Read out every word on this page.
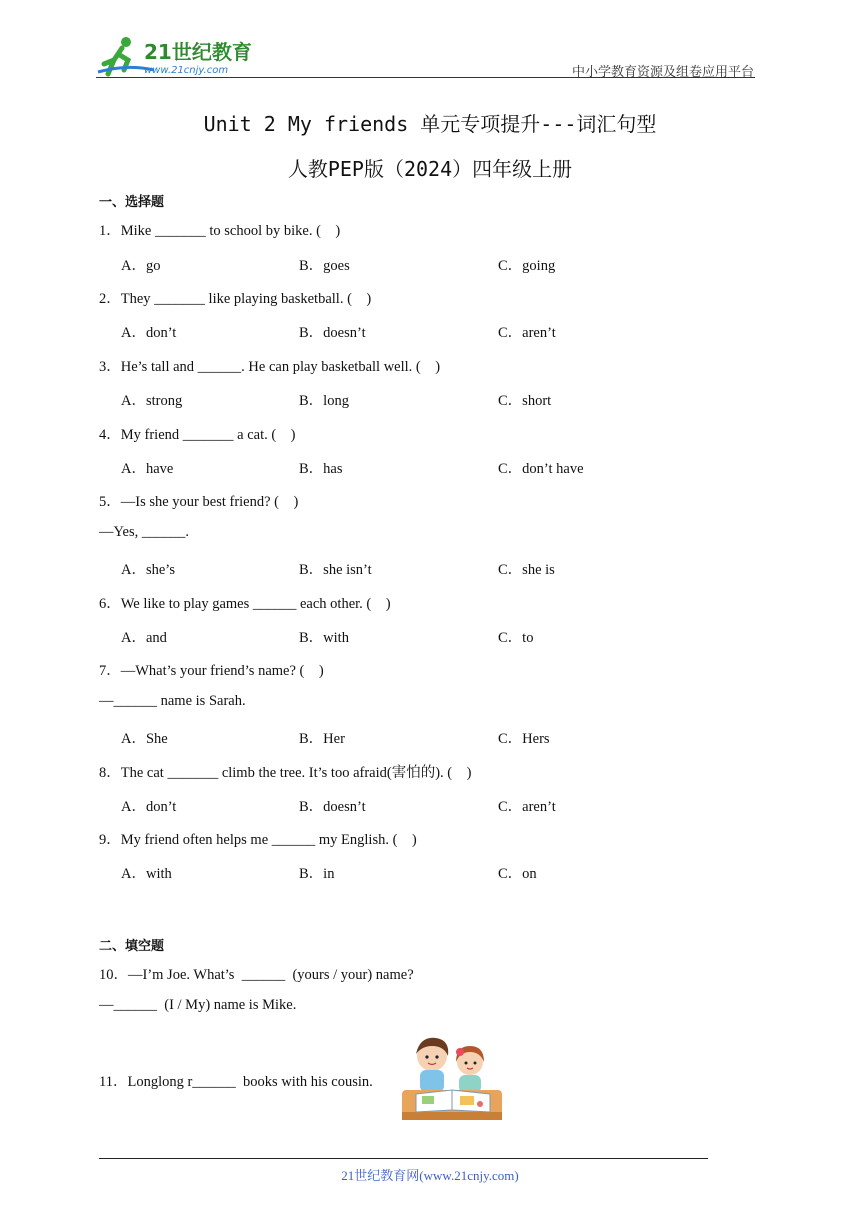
21世纪教育
www.21cnjy.com	中小学教育资源及组卷应用平台
Unit 2 My friends 单元专项提升---词汇句型
人教PEP版（2024）四年级上册
一、选择题
1．Mike _______ to school by bike. (    )
A．go	B．goes	C．going
2．They _______ like playing basketball. (    )
A．don’t	B．doesn’t	C．aren’t
3．He’s tall and ______. He can play basketball well. (    )
A．strong	B．long	C．short
4．My friend _______ a cat. (    )
A．have	B．has	C．don’t have
5．—Is she your best friend? (    )
—Yes, ______.
A．she’s	B．she isn’t	C．she is
6．We like to play games ______ each other. (    )
A．and	B．with	C．to
7．—What’s your friend’s name? (    )
—______ name is Sarah.
A．She	B．Her	C．Hers
8．The cat _______ climb the tree. It’s too afraid(害怕的). (    )
A．don’t	B．doesn’t	C．aren’t
9．My friend often helps me ______ my English. (    )
A．with	B．in	C．on
二、填空题
10．—I’m Joe. What’s  ______  (yours / your) name?
—______  (I / My) name is Mike.
11．Longlong r______  books with his cousin.
21世纪教育网(www.21cnjy.com)
